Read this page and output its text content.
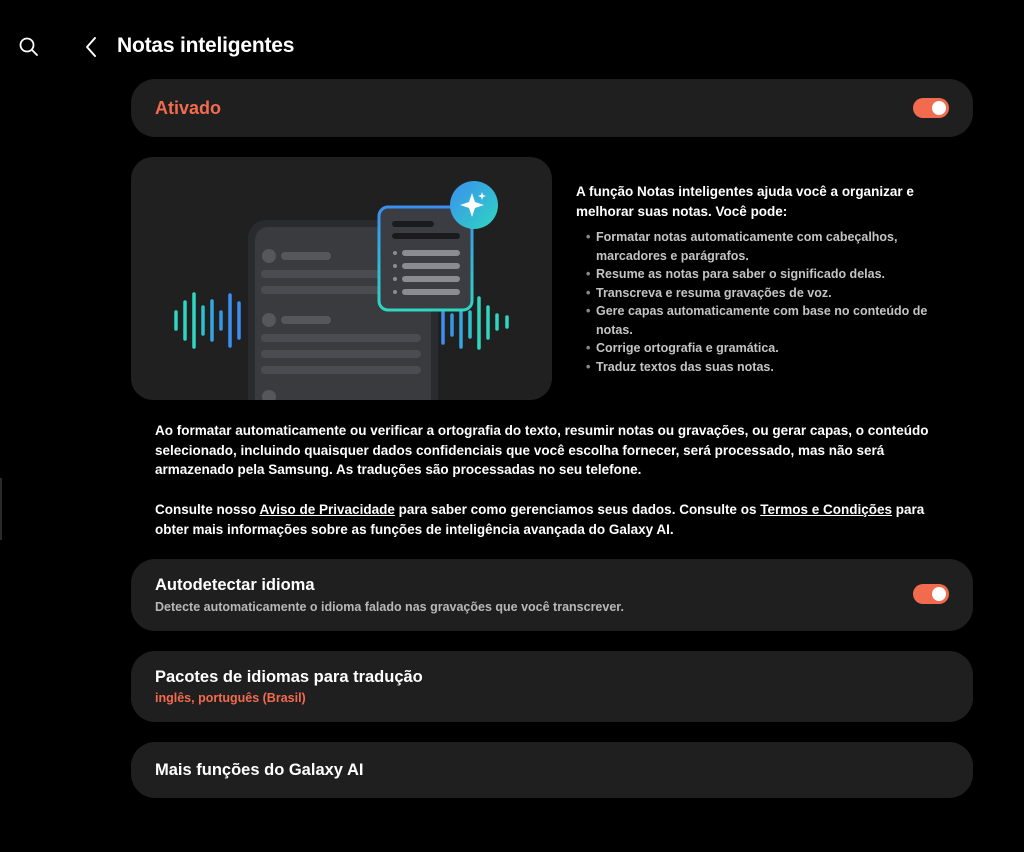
Notas inteligentes
Ativado

A função Notas inteligentes ajuda você a organizar e melhorar suas notas. Você pode:

• Formatar notas automaticamente com cabeçalhos, marcadores e parágrafos.
• Resume as notas para saber o significado delas.
• Transcreva e resuma gravações de voz.
• Gere capas automaticamente com base no conteúdo de notas.
• Corrige ortografia e gramática.
• Traduz textos das suas notas.

Ao formatar automaticamente ou verificar a ortografia do texto, resumir notas ou gravações, ou gerar capas, o conteúdo selecionado, incluindo quaisquer dados confidenciais que você escolha fornecer, será processado, mas não será armazenado pela Samsung. As traduções são processadas no seu telefone.

Consulte nosso Aviso de Privacidade para saber como gerenciamos seus dados. Consulte os Termos e Condições para obter mais informações sobre as funções de inteligência avançada do Galaxy AI.

Autodetectar idioma
Detecte automaticamente o idioma falado nas gravações que você transcrever.
Pacotes de idiomas para tradução
inglês, português (Brasil)
Mais funções do Galaxy AI
